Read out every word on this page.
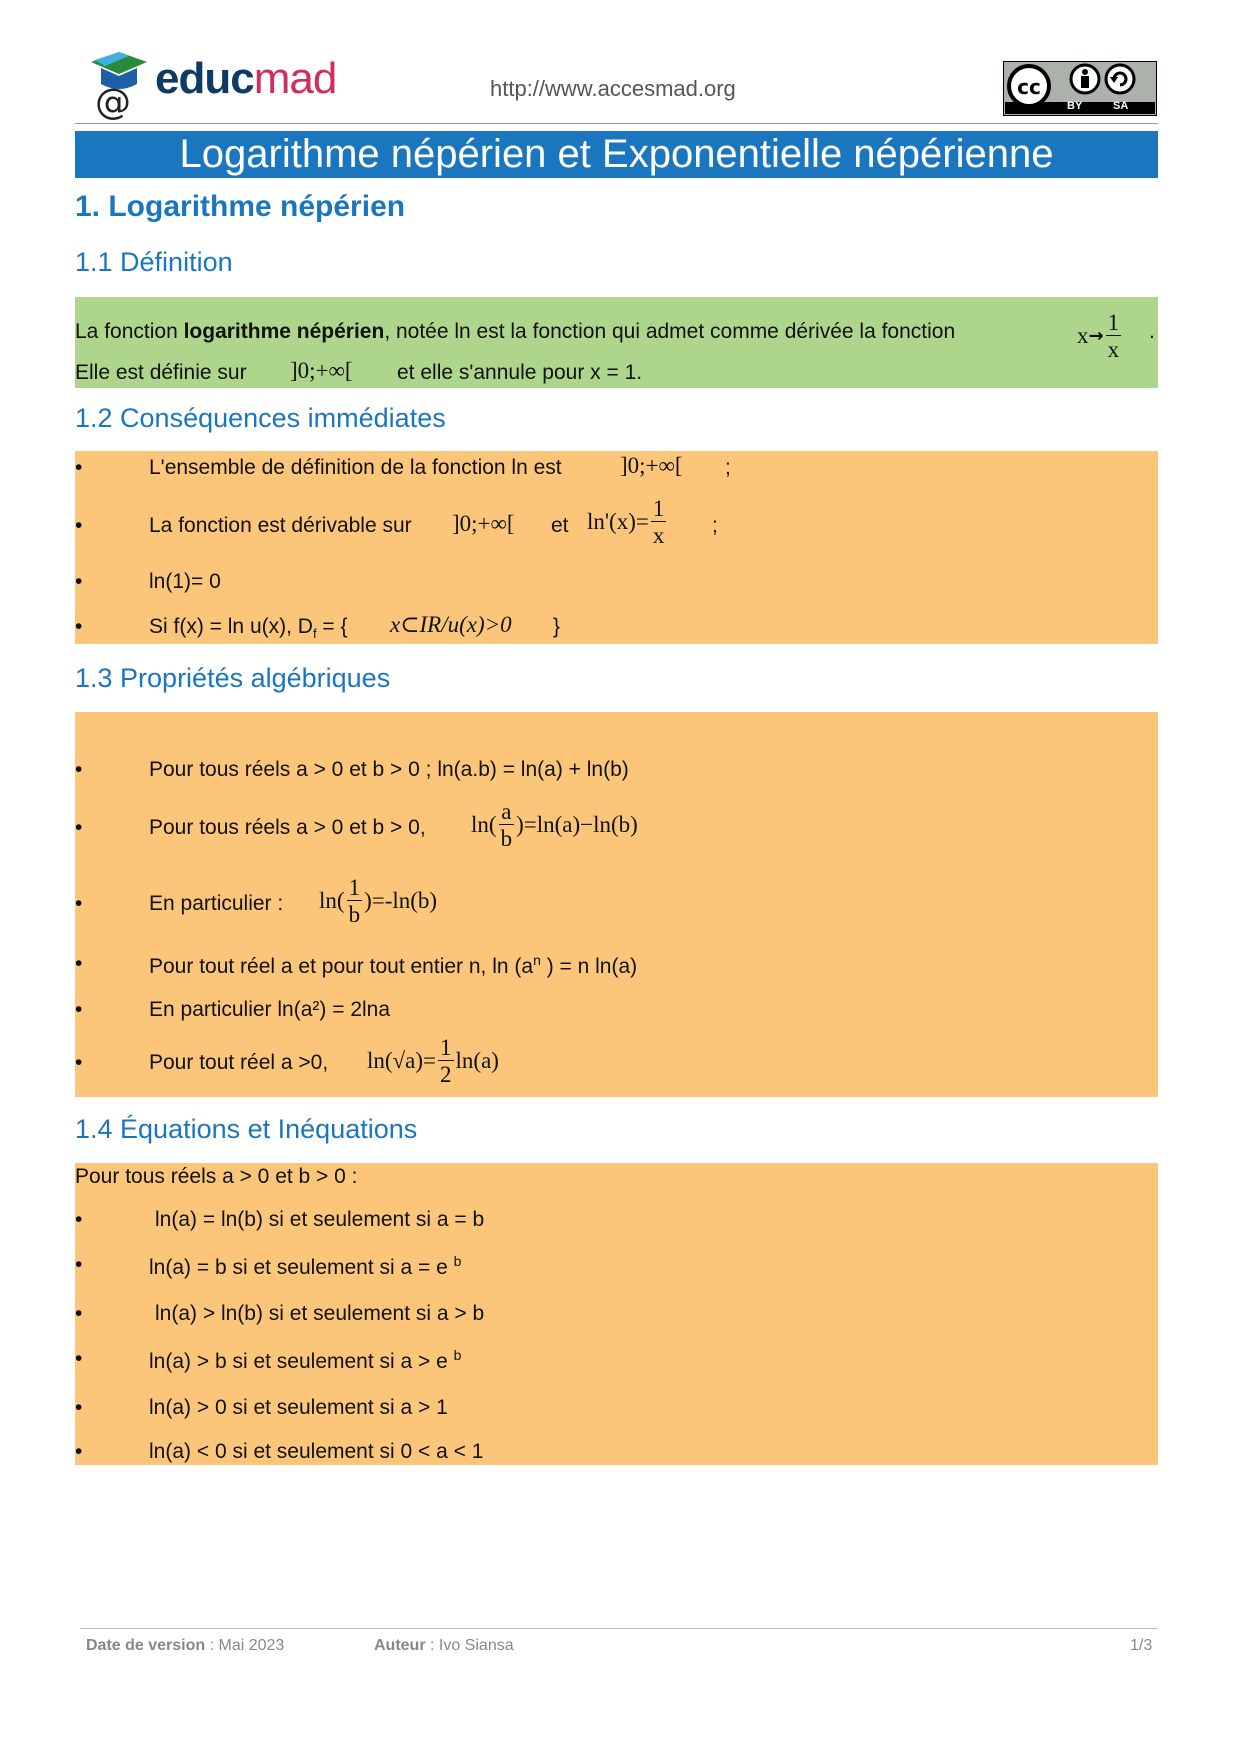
@ educmad	http://www.accesmad.org	cc
BY	SA
Logarithme népérien et Exponentielle népérienne
1. Logarithme népérien
1.1 Définition
La fonction logarithme népérien, notée ln est la fonction qui admet comme dérivée la fonction	$x\to \frac{1}{x}$ .
Elle est définie sur ]0;+∞[ et elle s'annule pour x = 1.
1.2 Conséquences immédiates
•	L'ensemble de définition de la fonction ln est	]0;+∞[ ;
•	La fonction est dérivable sur ]0;+∞[ et $\ln'(x)= \frac{1}{x}$ ;
•	ln(1)= 0
•	Si f(x) = ln u(x), $D_f$ = { x⊂IR/u(x)>0 }
1.3 Propriétés algébriques
•	Pour tous réels a > 0 et b > 0 ; ln(a.b) = ln(a) + ln(b)
•	Pour tous réels a > 0 et b > 0, $\ln( \frac{a}{b} )=\ln(a)-\ln(b)$
•	En particulier : $\ln( \frac{1}{b} )=-\ln(b)$
•	Pour tout réel a et pour tout entier n, $\ln (a^n$ ) = n ln(a)
•	En particulier ln(a²) = 2lna
•	Pour tout réel a >0, $\ln(√a)= \frac{1}{2} \ln(a)$
1.4 Équations et Inéquations
Pour tous réels a > 0 et b > 0 :
•	ln(a) = ln(b) si et seulement si a = b
•	ln(a) = b si et seulement si a = e $^b$
•	ln(a) > ln(b) si et seulement si a > b
•	ln(a) > b si et seulement si a > e $^b$
•	ln(a) > 0 si et seulement si a > 1
•	ln(a) < 0 si et seulement si 0 < a < 1
Date de version : Mai 2023	Auteur : Ivo Siansa	1/3
